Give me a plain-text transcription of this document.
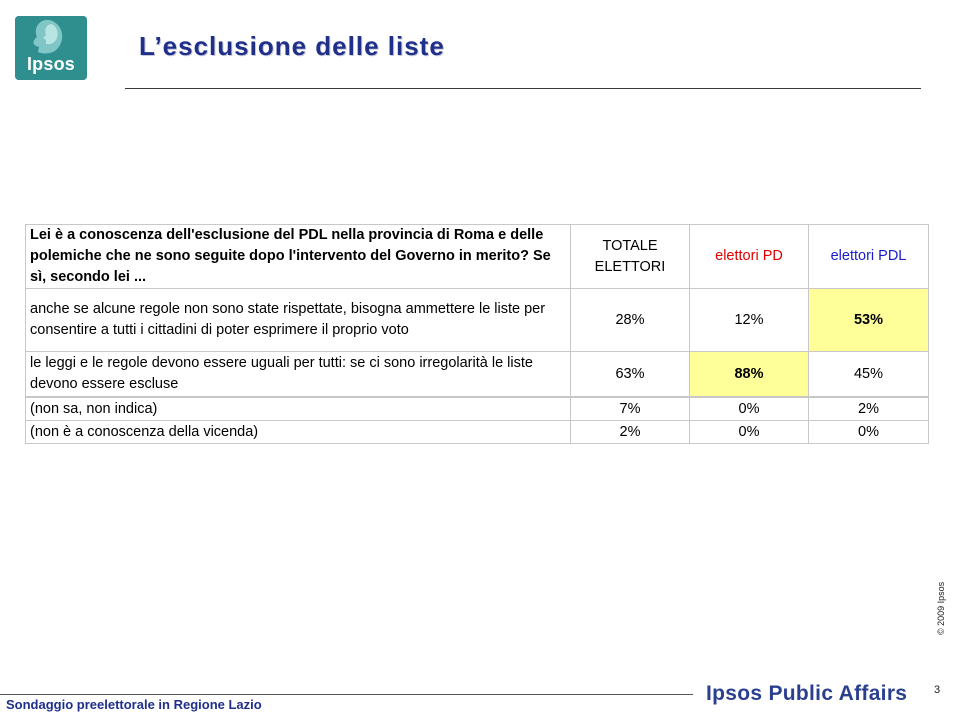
Ipsos
L’esclusione delle liste
Lei è a conoscenza dell'esclusione del PDL nella provincia di Roma e delle polemiche che ne sono seguite dopo l'intervento del Governo in merito? Se sì, secondo lei ...	TOTALE ELETTORI	elettori PD	elettori PDL
anche se alcune regole non sono state rispettate, bisogna ammettere le liste per consentire a tutti i cittadini di poter esprimere il proprio voto	28%	12%	53%
le leggi e le regole devono essere uguali per tutti: se ci sono irregolarità le liste devono essere escluse	63%	88%	45%
(non sa, non indica)	7%	0%	2%
(non è a conoscenza della vicenda)	2%	0%	0%
© 2009 Ipsos
Sondaggio preelettorale in Regione Lazio	Ipsos Public Affairs 3
